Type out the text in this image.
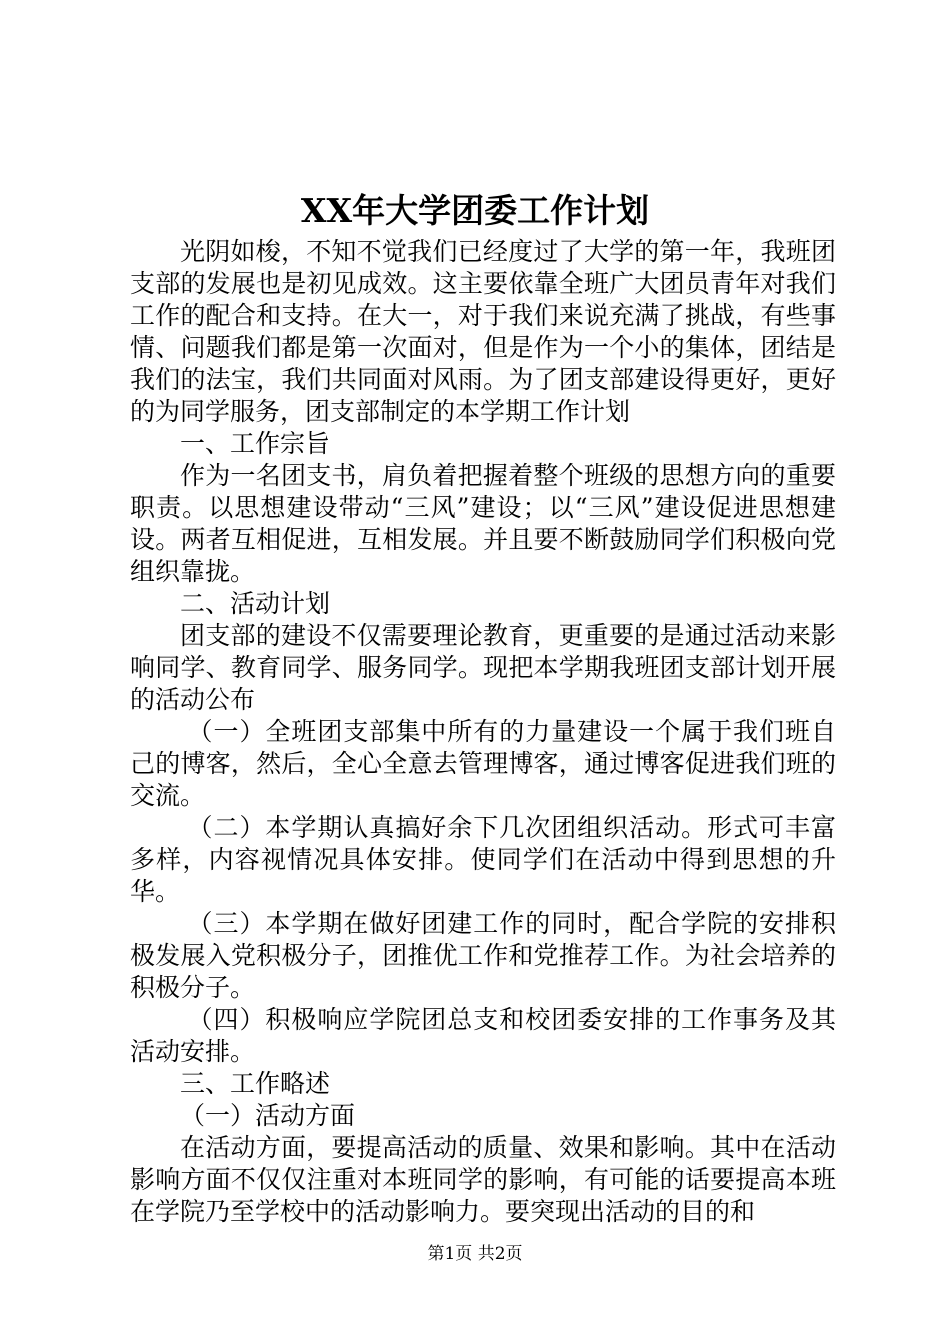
XX年大学团委工作计划

光阴如梭，不知不觉我们已经度过了大学的第一年，我班团支部的发展也是初见成效。这主要依靠全班广大团员青年对我们工作的配合和支持。在大一，对于我们来说充满了挑战，有些事情、问题我们都是第一次面对，但是作为一个小的集体，团结是我们的法宝，我们共同面对风雨。为了团支部建设得更好，更好的为同学服务，团支部制定的本学期工作计划

一、工作宗旨

作为一名团支书，肩负着把握着整个班级的思想方向的重要职责。以思想建设带动“三风”建设；以“三风”建设促进思想建设。两者互相促进，互相发展。并且要不断鼓励同学们积极向党组织靠拢。

二、活动计划

团支部的建设不仅需要理论教育，更重要的是通过活动来影响同学、教育同学、服务同学。现把本学期我班团支部计划开展的活动公布

（一）全班团支部集中所有的力量建设一个属于我们班自己的博客，然后，全心全意去管理博客，通过博客促进我们班的交流。

（二）本学期认真搞好余下几次团组织活动。形式可丰富多样，内容视情况具体安排。使同学们在活动中得到思想的升华。

（三）本学期在做好团建工作的同时，配合学院的安排积极发展入党积极分子，团推优工作和党推荐工作。为社会培养的积极分子。

（四）积极响应学院团总支和校团委安排的工作事务及其活动安排。

三、工作略述

（一）活动方面

在活动方面，要提高活动的质量、效果和影响。其中在活动影响方面不仅仅注重对本班同学的影响，有可能的话要提高本班在学院乃至学校中的活动影响力。要突现出活动的目的和

第1页 共2页
